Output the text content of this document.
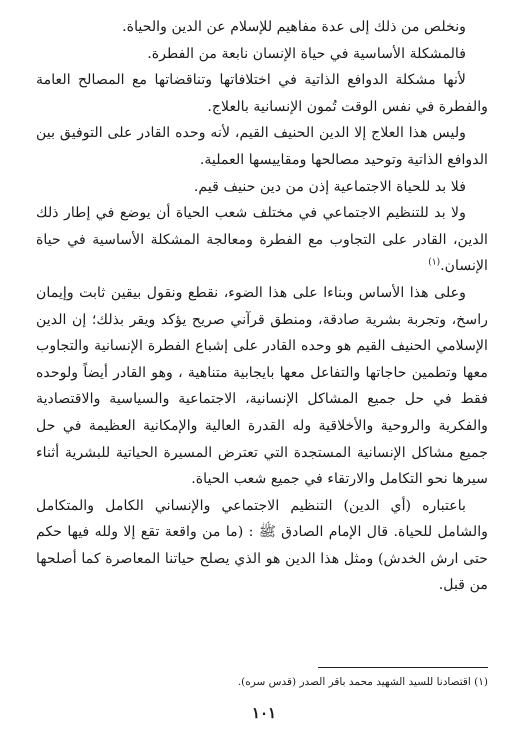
ونخلص من ذلك إلى عدة مفاهيم للإسلام عن الدين والحياة.

فالمشكلة الأساسية في حياة الإنسان نابعة من الفطرة.

لأنها مشكلة الدوافع الذاتية في اختلافاتها وتناقضاتها مع المصالح العامة والفطرة في نفس الوقت تُمون الإنسانية بالعلاج.

وليس هذا العلاج إلا الدين الحنيف القيم، لأنه وحده القادر على التوفيق بين الدوافع الذاتية وتوحيد مصالحها ومقاييسها العملية.

فلا بد للحياة الاجتماعية إذن من دين حنيف قيم.

ولا بد للتنظيم الاجتماعي في مختلف شعب الحياة أن يوضع في إطار ذلك الدين، القادر على التجاوب مع الفطرة ومعالجة المشكلة الأساسية في حياة الإنسان.$^{(١)}$

وعلى هذا الأساس وبناءا على هذا الضوء، نقطع ونقول بيقين ثابت وإيمان راسخ، وتجربة بشرية صادقة، ومنطق قرآني صريح يؤكد ويقر بذلك؛ إن الدين الإسلامي الحنيف القيم هو وحده القادر على إشباع الفطرة الإنسانية والتجاوب معها وتطمين حاجاتها والتفاعل معها بايجابية متناهية ، وهو القادر أيضاً ولوحده فقط في حل جميع المشاكل الإنسانية، الاجتماعية والسياسية والاقتصادية والفكرية والروحية والأخلاقية وله القدرة العالية والإمكانية العظيمة في حل جميع مشاكل الإنسانية المستجدة التي تعترض المسيرة الحياتية للبشرية أثناء سيرها نحو التكامل والارتقاء في جميع شعب الحياة.

باعتباره (أي الدين) التنظيم الاجتماعي والإنساني الكامل والمتكامل والشامل للحياة. قال الإمام الصادق ﷺ : (ما من واقعة تقع إلا ولله فيها حكم حتى ارش الخدش) ومثل هذا الدين هو الذي يصلح حياتنا المعاصرة كما أصلحها من قبل.

(١) اقتصادنا للسيد الشهيد محمد باقر الصدر (قدس سره).
١٠١
